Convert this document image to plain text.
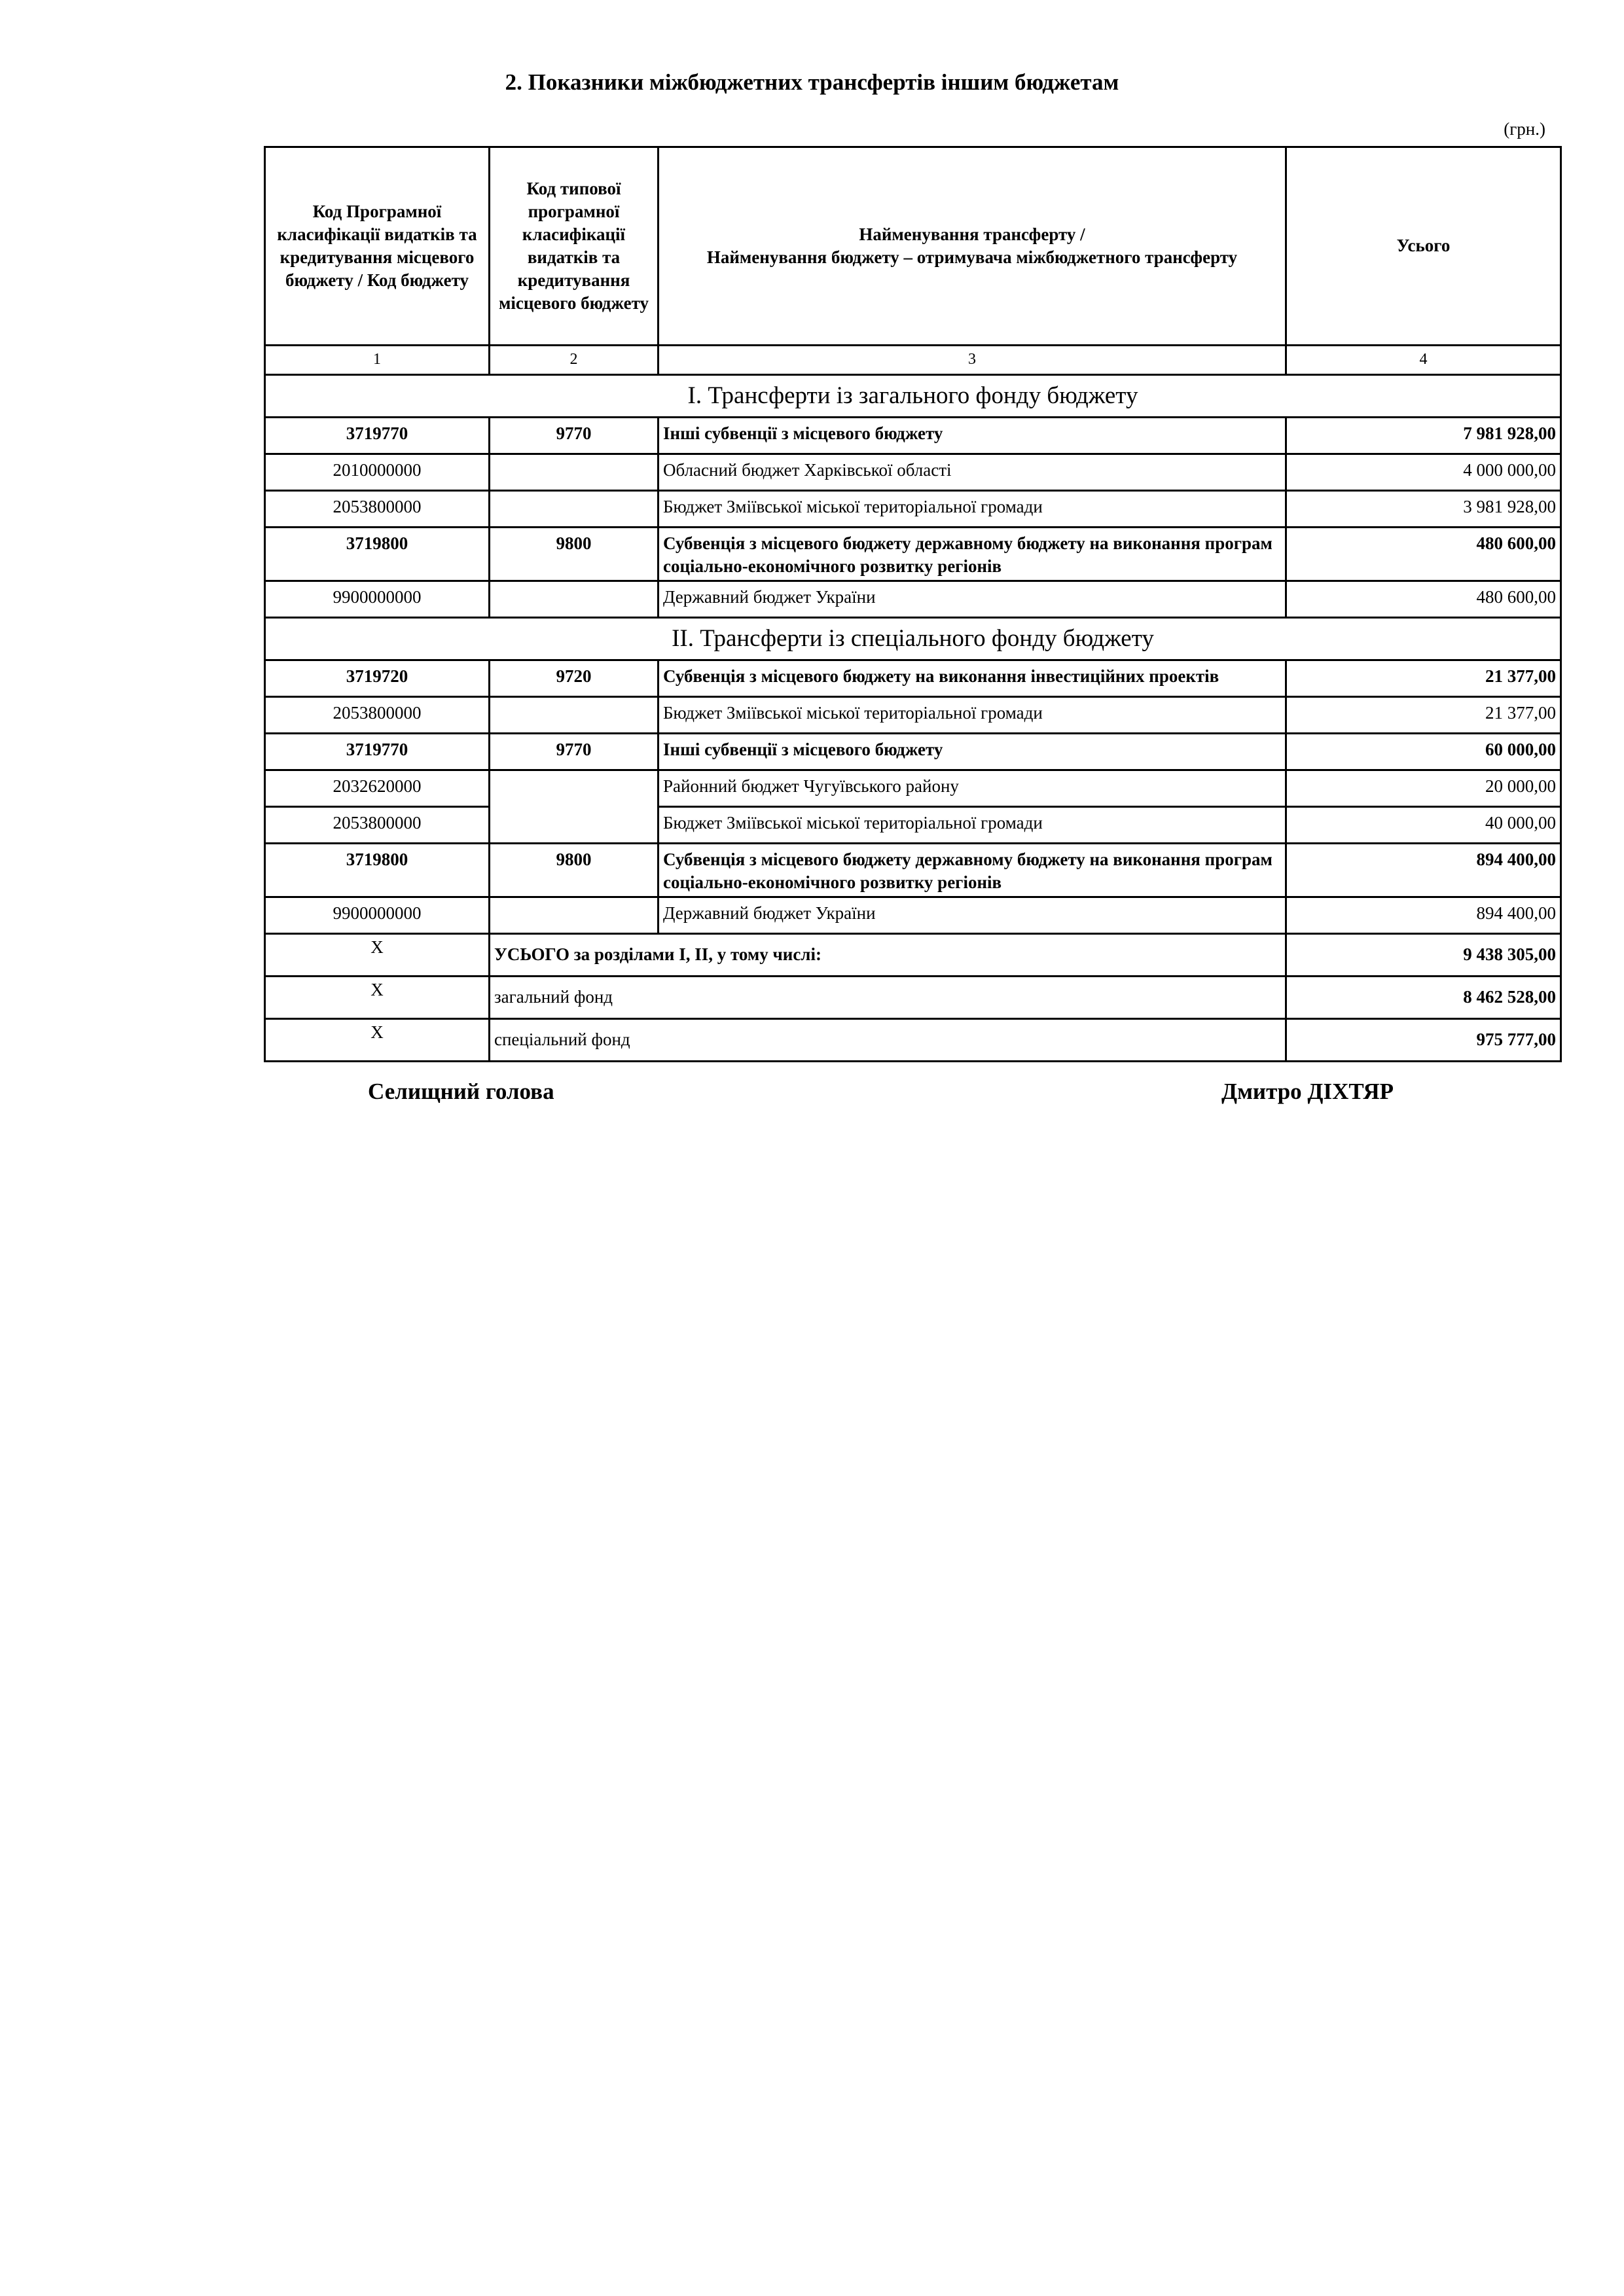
2. Показники міжбюджетних трансфертів іншим бюджетам
(грн.)
Код Програмної класифікації видатків та кредитування місцевого бюджету / Код бюджету	Код типової програмної класифікації видатків та кредитування місцевого бюджету	Найменування трансферту /
Найменування бюджету – отримувача міжбюджетного трансферту	Усього
1	2	3	4
I. Трансферти із загального фонду бюджету			
3719770	9770	Інші субвенції з місцевого бюджету	7 981 928,00
2010000000		Обласний бюджет Харківської області	4 000 000,00
2053800000		Бюджет Зміївської міської територіальної громади	3 981 928,00
3719800	9800	Субвенція з місцевого бюджету державному бюджету на виконання програм соціально-економічного розвитку регіонів	480 600,00
9900000000		Державний бюджет України	480 600,00
II. Трансферти із спеціального фонду бюджету			
3719720	9720	Субвенція з місцевого бюджету на виконання інвестиційних проектів	21 377,00
2053800000		Бюджет Зміївської міської територіальної громади	21 377,00
3719770	9770	Інші субвенції з місцевого бюджету	60 000,00
2032620000		Районний бюджет Чугуївського району	20 000,00
2053800000		Бюджет Зміївської міської територіальної громади	40 000,00
3719800	9800	Субвенція з місцевого бюджету державному бюджету на виконання програм соціально-економічного розвитку регіонів	894 400,00
9900000000		Державний бюджет України	894 400,00
Х	УСЬОГО за розділами I, II, у тому числі:		9 438 305,00
Х	загальний фонд		8 462 528,00
Х	спеціальний фонд		975 777,00
Селищний голова	Дмитро ДІХТЯР
